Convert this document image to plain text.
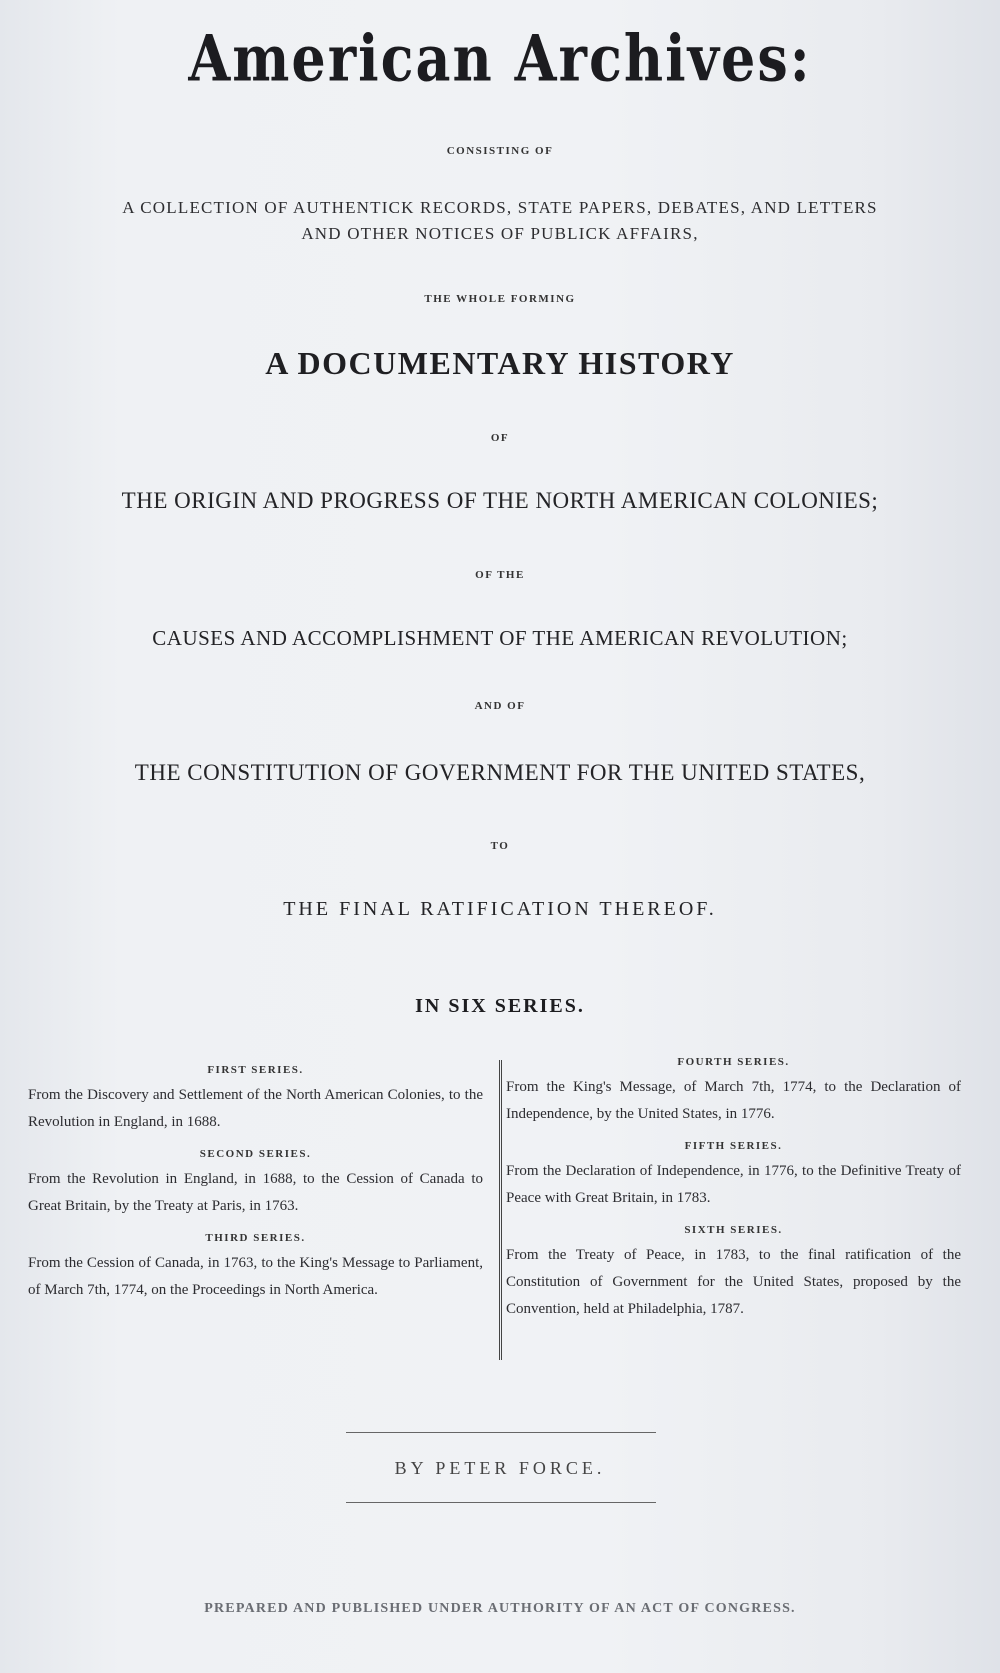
American Archives:
CONSISTING OF
A COLLECTION OF AUTHENTICK RECORDS, STATE PAPERS, DEBATES, AND LETTERS
AND OTHER NOTICES OF PUBLICK AFFAIRS,
THE WHOLE FORMING
A DOCUMENTARY HISTORY
OF
THE ORIGIN AND PROGRESS OF THE NORTH AMERICAN COLONIES;
OF THE
CAUSES AND ACCOMPLISHMENT OF THE AMERICAN REVOLUTION;
AND OF
THE CONSTITUTION OF GOVERNMENT FOR THE UNITED STATES,
TO
THE FINAL RATIFICATION THEREOF.
IN SIX SERIES.
FIRST SERIES.
From the Discovery and Settlement of the North American Colonies, to the Revolution in England, in 1688.
SECOND SERIES.
From the Revolution in England, in 1688, to the Cession of Canada to Great Britain, by the Treaty at Paris, in 1763.
THIRD SERIES.
From the Cession of Canada, in 1763, to the King's Message to Parliament, of March 7th, 1774, on the Proceedings in North America.
FOURTH SERIES.
From the King's Message, of March 7th, 1774, to the Declaration of Independence, by the United States, in 1776.
FIFTH SERIES.
From the Declaration of Independence, in 1776, to the Definitive Treaty of Peace with Great Britain, in 1783.
SIXTH SERIES.
From the Treaty of Peace, in 1783, to the final ratification of the Constitution of Government for the United States, proposed by the Convention, held at Philadelphia, 1787.
BY PETER FORCE.
PREPARED AND PUBLISHED UNDER AUTHORITY OF AN ACT OF CONGRESS.
